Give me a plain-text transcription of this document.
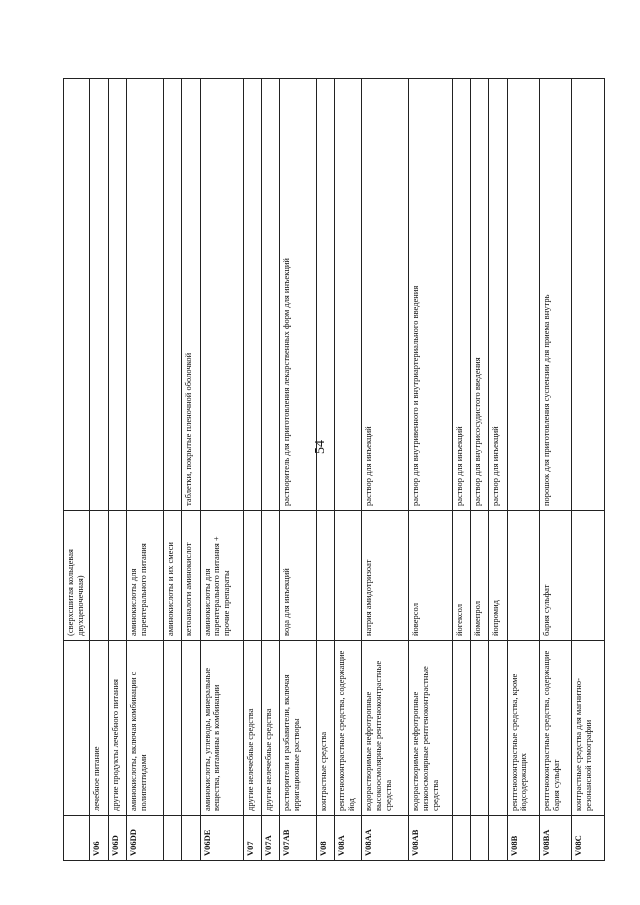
54
		(сверхсшитая кольцевая двухцепочечная)	
V06	лечебное питание		
V06D	другие продукты лечебного питания		
V06DD	аминокислоты, включая комбинации с полипептидами	аминокислоты для парентерального питания	
		аминокислоты и их смеси	
		кетоаналоги аминокислот	таблетки, покрытые пленочной оболочкой
V06DE	аминокислоты, углеводы, минеральные вещества, витамины в комбинации	аминокислоты для парентерального питания + прочие препараты	
V07	другие нелечебные средства		
V07A	другие нелечебные средства		
V07AB	растворители и разбавители, включая ирригационные растворы	вода для инъекций	растворитель для приготовления лекарственных форм для инъекций
V08	контрастные средства		
V08A	рентгеноконтрастные средства, содержащие йод		
V08AA	водорастворимые нефротропные высокоосмолярные рентгеноконтрастные средства	натрия амидотризоат	раствор для инъекций
V08AB	водорастворимые нефротропные низкоосмолярные рентгеноконтрастные средства	йоверсол	раствор для внутривенного и внутриартериального введения
		йогексол	раствор для инъекций
		йомепрол	раствор для внутрисосудистого введения
		йопромид	раствор для инъекций
V08B	рентгеноконтрастные средства, кроме йодсодержащих		
V08BA	рентгеноконтрастные средства, содержащие бария сульфат	бария сульфат	порошок для приготовления суспензии для приема внутрь
V08C	контрастные средства для магнитно-резонансной томографии		
